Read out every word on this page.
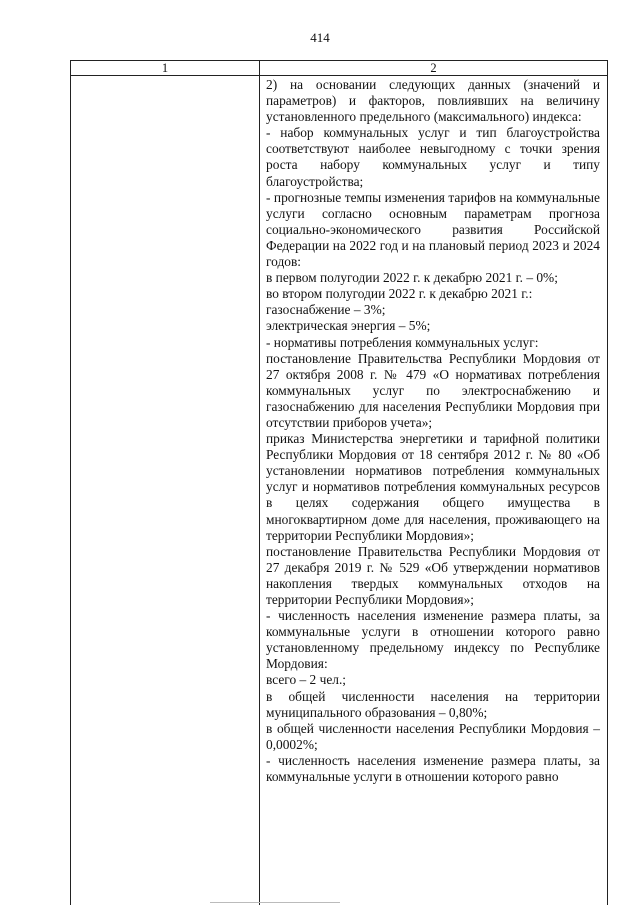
414
1	2

2) на основании следующих данных (значений и параметров) и факторов, повлиявших на величину установленного предельного (максимального) индекса:

- набор коммунальных услуг и тип благоустройства соответствуют наиболее невыгодному с точки зрения роста набору коммунальных услуг и типу благоустройства;

- прогнозные темпы изменения тарифов на коммунальные услуги согласно основным параметрам прогноза социально-экономического развития Российской Федерации на 2022 год и на плановый период 2023 и 2024 годов:

в первом полугодии 2022 г. к декабрю 2021 г. – 0%;

во втором полугодии 2022 г. к декабрю 2021 г.:

газоснабжение – 3%;

электрическая энергия – 5%;

- нормативы потребления коммунальных услуг:

постановление Правительства Республики Мордовия от 27 октября 2008 г. № 479 «О нормативах потребления коммунальных услуг по электроснабжению и газоснабжению для населения Республики Мордовия при отсутствии приборов учета»;

приказ Министерства энергетики и тарифной политики Республики Мордовия от 18 сентября 2012 г. № 80 «Об установлении нормативов потребления коммунальных услуг и нормативов потребления коммунальных ресурсов в целях содержания общего имущества в многоквартирном доме для населения, проживающего на территории Республики Мордовия»;

постановление Правительства Республики Мордовия от 27 декабря 2019 г. № 529 «Об утверждении нормативов накопления твердых коммунальных отходов на территории Республики Мордовия»;

- численность населения изменение размера платы, за коммунальные услуги в отношении которого равно установленному предельному индексу по Республике Мордовия:

всего – 2 чел.;

в общей численности населения на территории муниципального образования – 0,80%;

в общей численности населения Республики Мордовия – 0,0002%;

- численность населения изменение размера платы, за коммунальные услуги в отношении которого равно
